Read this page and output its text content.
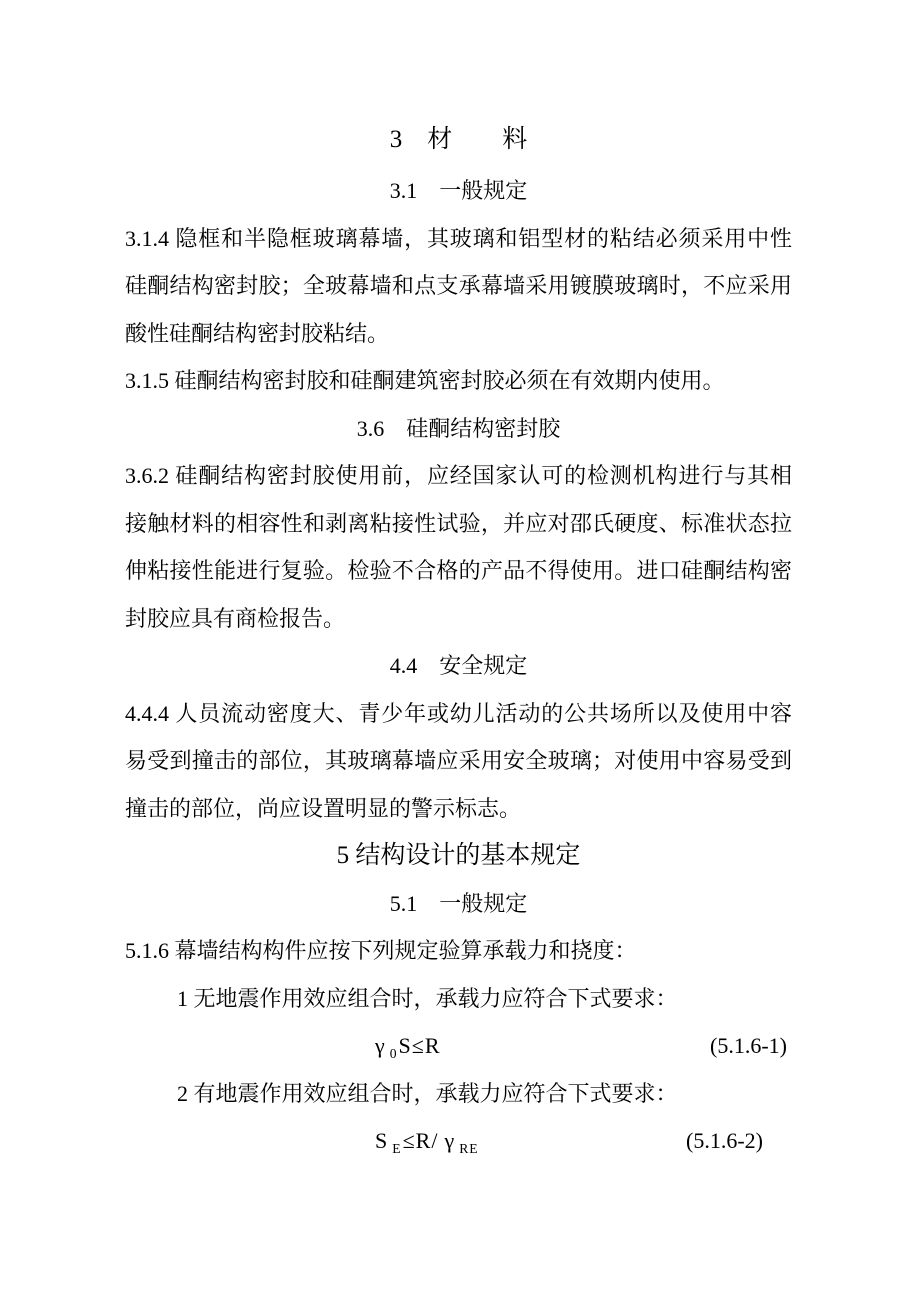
3　材　　料
3.1　一般规定
3.1.4 隐框和半隐框玻璃幕墙，其玻璃和铝型材的粘结必须采用中性
硅酮结构密封胶；全玻幕墙和点支承幕墙采用镀膜玻璃时，不应采用
酸性硅酮结构密封胶粘结。
3.1.5 硅酮结构密封胶和硅酮建筑密封胶必须在有效期内使用。
3.6　硅酮结构密封胶
3.6.2 硅酮结构密封胶使用前，应经国家认可的检测机构进行与其相
接触材料的相容性和剥离粘接性试验，并应对邵氏硬度、标准状态拉
伸粘接性能进行复验。检验不合格的产品不得使用。进口硅酮结构密
封胶应具有商检报告。
4.4　安全规定
4.4.4 人员流动密度大、青少年或幼儿活动的公共场所以及使用中容
易受到撞击的部位，其玻璃幕墙应采用安全玻璃；对使用中容易受到
撞击的部位，尚应设置明显的警示标志。
5 结构设计的基本规定
5.1　一般规定
5.1.6 幕墙结构构件应按下列规定验算承载力和挠度：
1 无地震作用效应组合时，承载力应符合下式要求：
γ $_0$S≤R	(5.1.6-1)
2 有地震作用效应组合时，承载力应符合下式要求：
S $_E$≤R/ γ $_{RE}$	(5.1.6-2)
